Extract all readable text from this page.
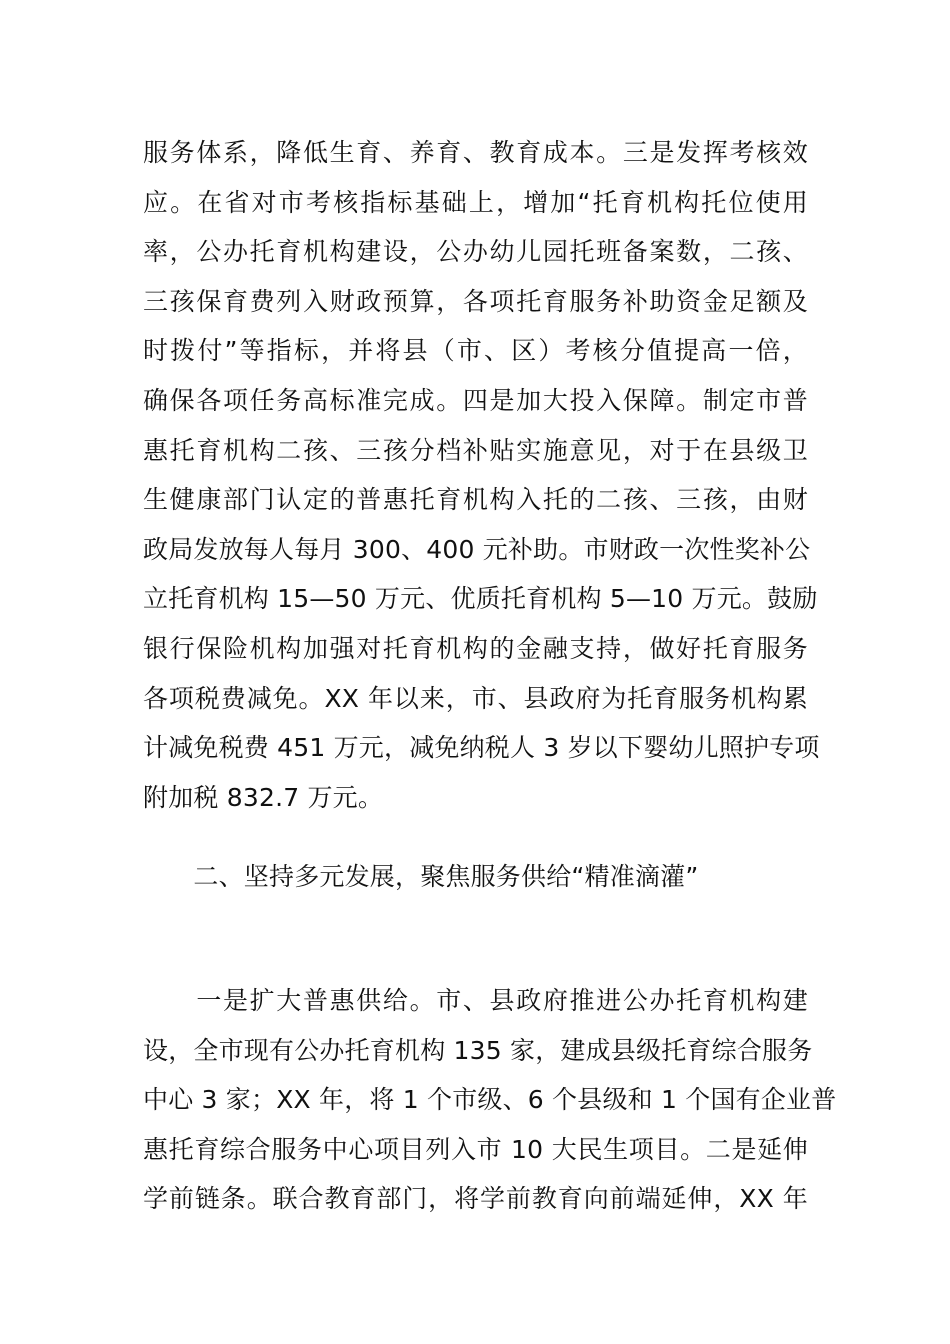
服务体系，降低生育、养育、教育成本。三是发挥考核效
应。在省对市考核指标基础上，增加“托育机构托位使用
率，公办托育机构建设，公办幼儿园托班备案数，二孩、
三孩保育费列入财政预算，各项托育服务补助资金足额及
时拨付”等指标，并将县（市、区）考核分值提高一倍，
确保各项任务高标准完成。四是加大投入保障。制定市普
惠托育机构二孩、三孩分档补贴实施意见，对于在县级卫
生健康部门认定的普惠托育机构入托的二孩、三孩，由财
政局发放每人每月 300、400 元补助。市财政一次性奖补公
立托育机构 15—50 万元、优质托育机构 5—10 万元。鼓励
银行保险机构加强对托育机构的金融支持，做好托育服务
各项税费减免。XX 年以来，市、县政府为托育服务机构累
计减免税费 451 万元，减免纳税人 3 岁以下婴幼儿照护专项
附加税 832.7 万元。
　　二、坚持多元发展，聚焦服务供给“精准滴灌”
　　一是扩大普惠供给。市、县政府推进公办托育机构建
设，全市现有公办托育机构 135 家，建成县级托育综合服务
中心 3 家；XX 年，将 1 个市级、6 个县级和 1 个国有企业普
惠托育综合服务中心项目列入市 10 大民生项目。二是延伸
学前链条。联合教育部门，将学前教育向前端延伸，XX 年
